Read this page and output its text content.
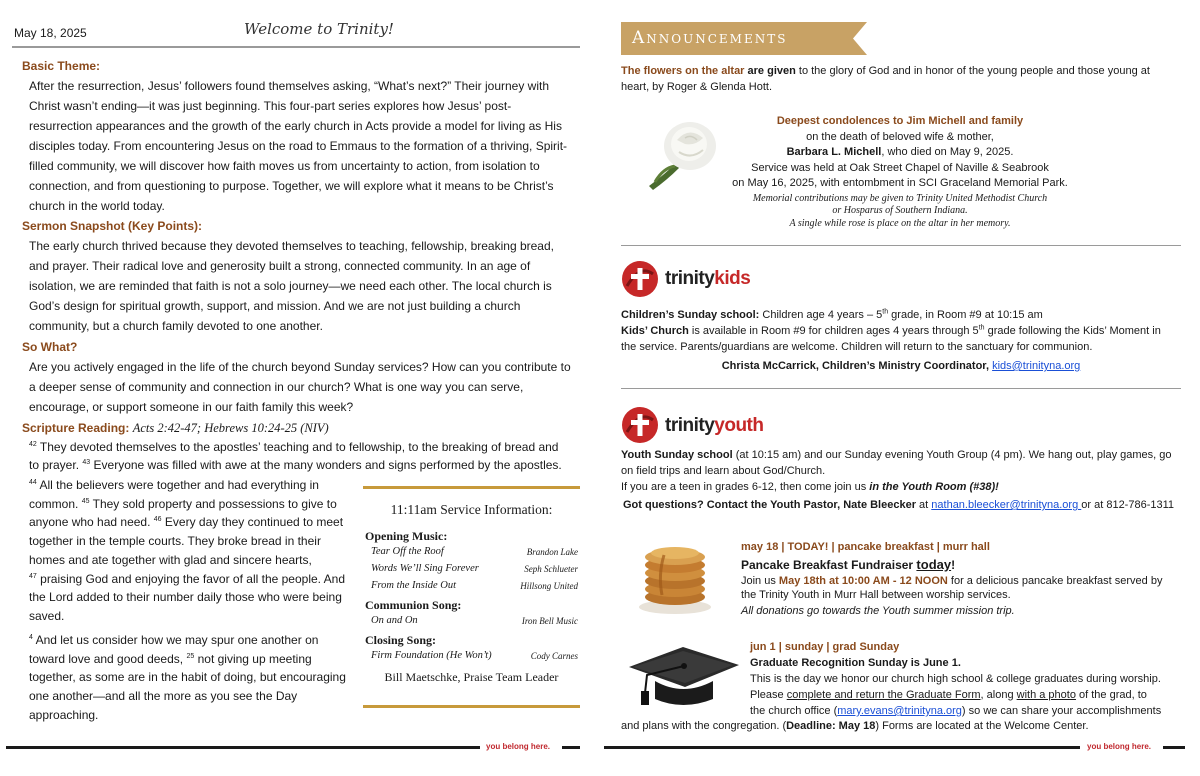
May 18, 2025	Welcome to Trinity!
Basic Theme:

After the resurrection, Jesus’ followers found themselves asking, “What’s next?” Their journey with

Christ wasn’t ending—it was just beginning. This four-part series explores how Jesus’ post-

resurrection appearances and the growth of the early church in Acts provide a model for living as His

disciples today. From encountering Jesus on the road to Emmaus to the formation of a thriving, Spirit-

filled community, we will discover how faith moves us from uncertainty to action, from isolation to

connection, and from questioning to purpose. Together, we will explore what it means to be Christ’s

church in the world today.

Sermon Snapshot (Key Points):

The early church thrived because they devoted themselves to teaching, fellowship, breaking bread,

and prayer. Their radical love and generosity built a strong, connected community. In an age of

isolation, we are reminded that faith is not a solo journey—we need each other. The local church is

God’s design for spiritual growth, support, and mission. And we are not just building a church

community, but a church family devoted to one another.

So What?

Are you actively engaged in the life of the church beyond Sunday services? How can you contribute to

a deeper sense of community and connection in our church? What is one way you can serve,

encourage, or support someone in our faith family this week?

Scripture Reading: Acts 2:42-47; Hebrews 10:24-25 (NIV)

$^{42}$ They devoted themselves to the apostles’ teaching and to fellowship, to the breaking of bread and

to prayer. $^{43}$ Everyone was filled with awe at the many wonders and signs performed by the apostles.

$^{44}$ All the believers were together and had everything in

common. $^{45}$ They sold property and possessions to give to

anyone who had need. $^{46}$ Every day they continued to meet

together in the temple courts. They broke bread in their

homes and ate together with glad and sincere hearts,

$^{47}$ praising God and enjoying the favor of all the people. And

the Lord added to their number daily those who were being

saved.

$^4$ And let us consider how we may spur one another on

toward love and good deeds, $^{25}$ not giving up meeting

together, as some are in the habit of doing, but encouraging

one another—and all the more as you see the Day

approaching.

11:11am Service Information:
Opening Music:
Tear Off the Roof	Brandon Lake
Words We’ll Sing Forever	Seph Schlueter
From the Inside Out	Hillsong United
Communion Song:
On and On	Iron Bell Music
Closing Song:
Firm Foundation (He Won’t)	Cody Carnes
Bill Maetschke, Praise Team Leader
you belong here.
Announcements
The flowers on the altar are given to the glory of God and in honor of the young people and those young at
heart, by Roger & Glenda Hott.

Deepest condolences to Jim Michell and family

on the death of beloved wife & mother,

Barbara L. Michell, who died on May 9, 2025.

Service was held at Oak Street Chapel of Naville & Seabrook

on May 16, 2025, with entombment in SCI Graceland Memorial Park.

Memorial contributions may be given to Trinity United Methodist Church

or Hosparus of Southern Indiana.

A single while rose is place on the altar in her memory.

trinitykids

Children’s Sunday school: Children age 4 years – 5th grade, in Room #9 at 10:15 am

Kids’ Church is available in Room #9 for children ages 4 years through 5th grade following the Kids’ Moment in

the service. Parents/guardians are welcome. Children will return to the sanctuary for communion.

Christa McCarrick, Children’s Ministry Coordinator, kids@trinityna.org

trinityyouth

Youth Sunday school (at 10:15 am) and our Sunday evening Youth Group (4 pm). We hang out, play games, go

on field trips and learn about God/Church.

If you are a teen in grades 6-12, then come join us in the Youth Room (#38)!

Got questions? Contact the Youth Pastor, Nate Bleecker at nathan.bleecker@trinityna.org or at 812-786-1311

may 18 | TODAY! | pancake breakfast | murr hall

Pancake Breakfast Fundraiser today!

Join us May 18th at 10:00 AM - 12 NOON for a delicious pancake breakfast served by

the Trinity Youth in Murr Hall between worship services.

All donations go towards the Youth summer mission trip.

jun 1 | sunday | grad Sunday

Graduate Recognition Sunday is June 1.

This is the day we honor our church high school & college graduates during worship.

Please complete and return the Graduate Form, along with a photo of the grad, to

the church office (mary.evans@trinityna.org) so we can share your accomplishments

and plans with the congregation. (Deadline: May 18) Forms are located at the Welcome Center.
you belong here.
